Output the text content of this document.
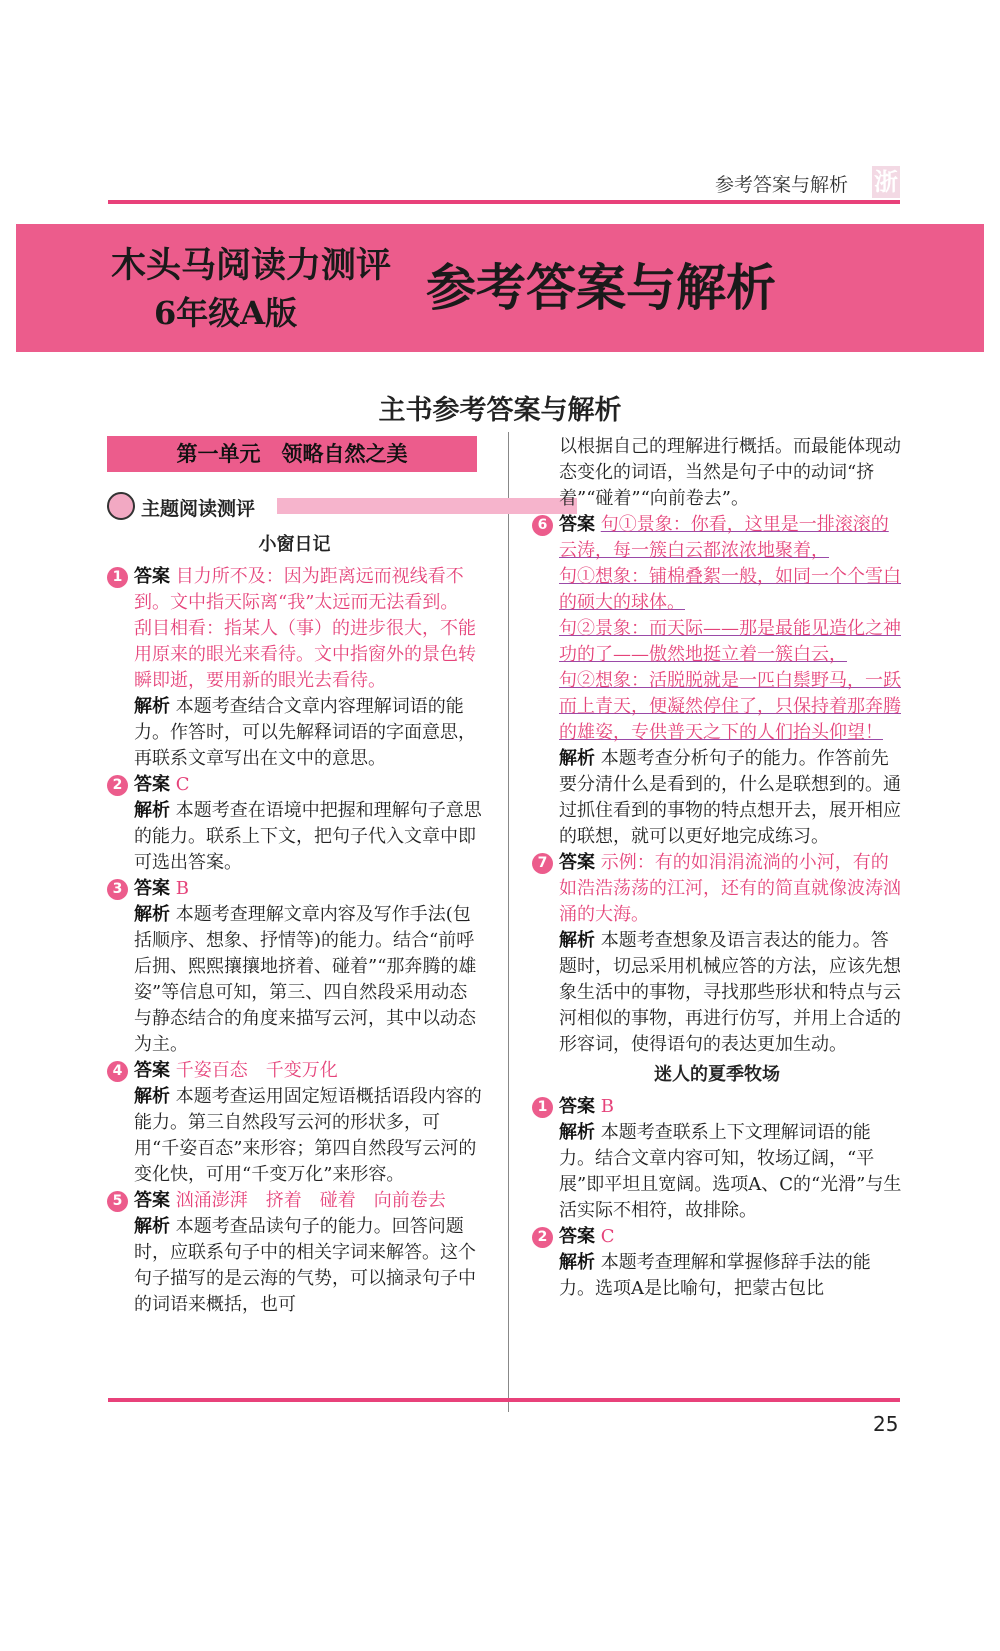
参考答案与解析 浙
木头马阅读力测评
6年级A版	参考答案与解析
主书参考答案与解析
第一单元　领略自然之美
主题阅读测评

小窗日记

1 答案 目力所不及：因为距离远而视线看不到。文中指天际离“我”太远而无法看到。

刮目相看：指某人（事）的进步很大，不能用原来的眼光来看待。文中指窗外的景色转瞬即逝，要用新的眼光去看待。

解析 本题考查结合文章内容理解词语的能力。作答时，可以先解释词语的字面意思，再联系文章写出在文中的意思。

2 答案 C

解析 本题考查在语境中把握和理解句子意思的能力。联系上下文，把句子代入文章中即可选出答案。

3 答案 B

解析 本题考查理解文章内容及写作手法(包括顺序、想象、抒情等)的能力。结合“前呼后拥、熙熙攘攘地挤着、碰着”“那奔腾的雄姿”等信息可知，第三、四自然段采用动态与静态结合的角度来描写云河，其中以动态为主。

4 答案 千姿百态　千变万化

解析 本题考查运用固定短语概括语段内容的能力。第三自然段写云河的形状多，可用“千姿百态”来形容；第四自然段写云河的变化快，可用“千变万化”来形容。

5 答案 汹涌澎湃　挤着　碰着　向前卷去

解析 本题考查品读句子的能力。回答问题时，应联系句子中的相关字词来解答。这个句子描写的是云海的气势，可以摘录句子中的词语来概括，也可

以根据自己的理解进行概括。而最能体现动态变化的词语，当然是句子中的动词“挤着”“碰着”“向前卷去”。

6 答案 句①景象：你看，这里是一排滚滚的云涛，每一簇白云都浓浓地聚着，

句①想象：铺棉叠絮一般，如同一个个雪白的硕大的球体。

句②景象：而天际——那是最能见造化之神功的了——傲然地挺立着一簇白云，

句②想象：活脱脱就是一匹白鬃野马，一跃而上青天，便凝然停住了，只保持着那奔腾的雄姿，专供普天之下的人们抬头仰望！

解析 本题考查分析句子的能力。作答前先要分清什么是看到的，什么是联想到的。通过抓住看到的事物的特点想开去，展开相应的联想，就可以更好地完成练习。

7 答案 示例：有的如涓涓流淌的小河，有的如浩浩荡荡的江河，还有的简直就像波涛汹涌的大海。

解析 本题考查想象及语言表达的能力。答题时，切忌采用机械应答的方法，应该先想象生活中的事物，寻找那些形状和特点与云河相似的事物，再进行仿写，并用上合适的形容词，使得语句的表达更加生动。

迷人的夏季牧场

1 答案 B

解析 本题考查联系上下文理解词语的能力。结合文章内容可知，牧场辽阔，“平展”即平坦且宽阔。选项A、C的“光滑”与生活实际不相符，故排除。

2 答案 C

解析 本题考查理解和掌握修辞手法的能力。选项A是比喻句，把蒙古包比

25
